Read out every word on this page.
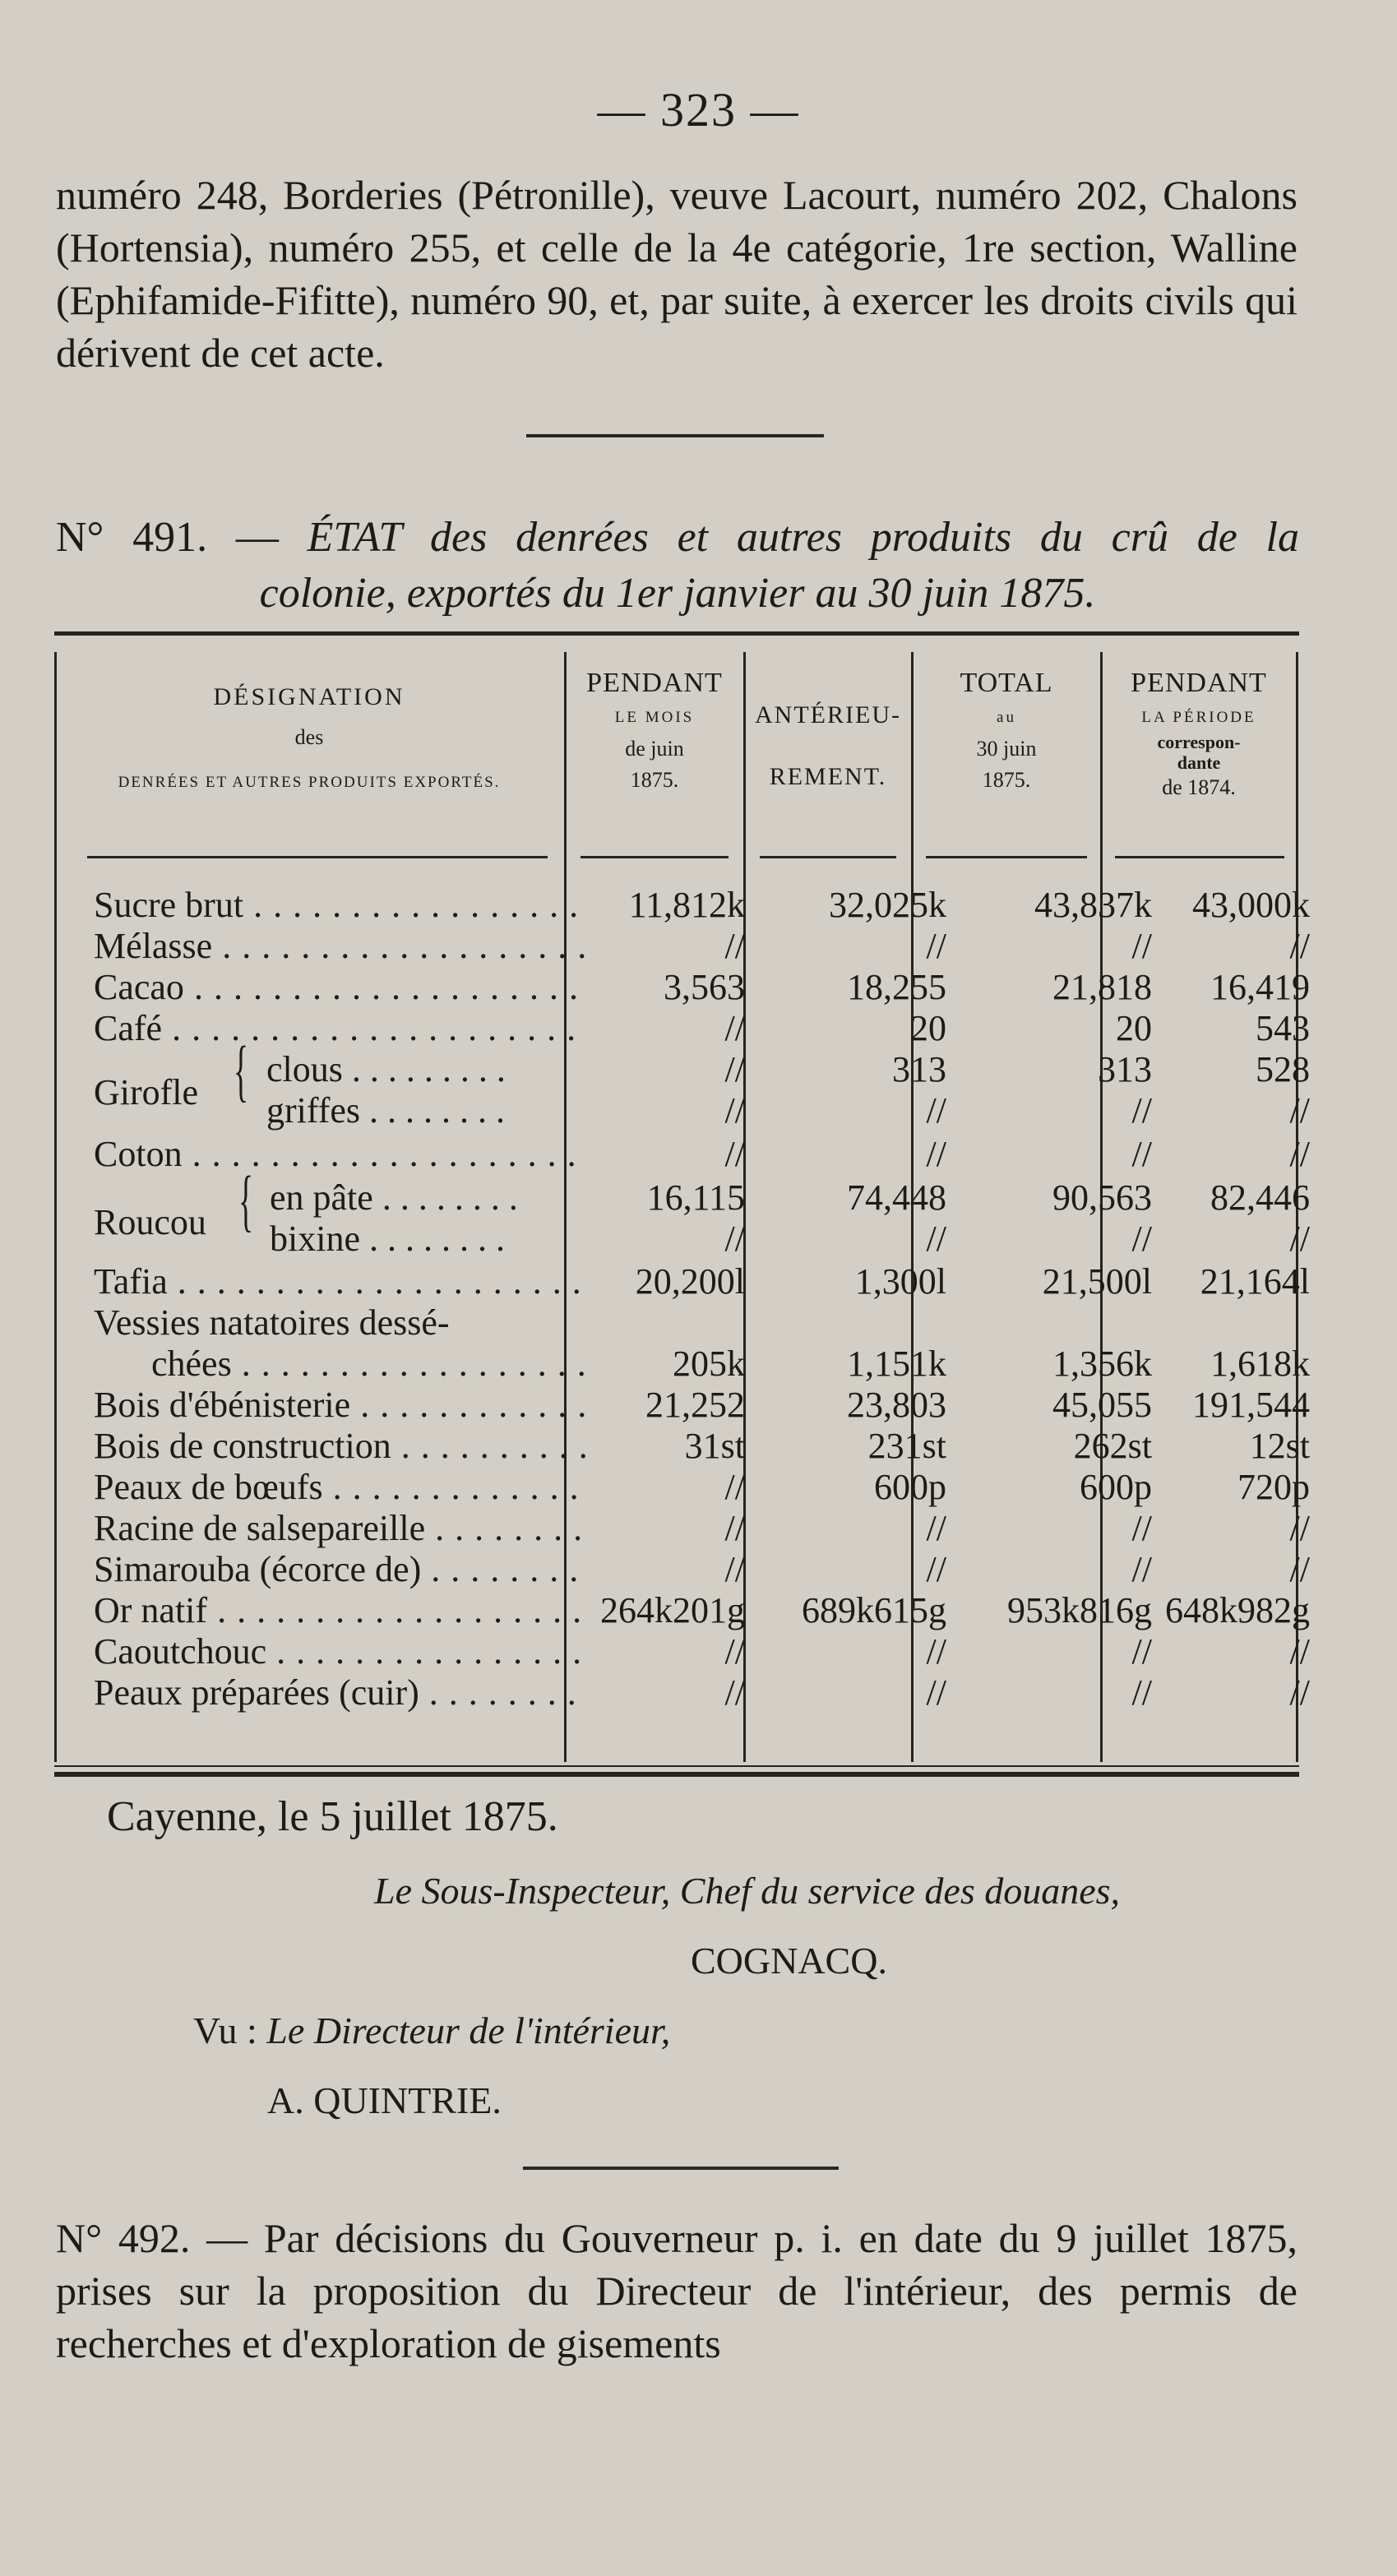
— 323 —
numéro 248, Borderies (Pétronille), veuve Lacourt, numéro 202, Chalons (Hortensia), numéro 255, et celle de la 4e catégorie, 1re section, Walline (Ephifamide-Fifitte), numéro 90, et, par suite, à exercer les droits civils qui dérivent de cet acte.
N° 491. — ÉTAT des denrées et autres produits du crû de la
colonie, exportés du 1er janvier au 30 juin 1875.
DÉSIGNATION
des
DENRÉES ET AUTRES PRODUITS EXPORTÉS.
PENDANT
LE MOIS
de juin
1875.
ANTÉRIEU-
REMENT.
TOTAL
au
30 juin
1875.
PENDANT
LA PÉRIODE
correspon-
dante
de 1874.
Sucre brut . . .	11,812k	32,025k	43,837k	43,000k
Mélasse . . .	//	//	//	//
Cacao . . .	3,563	18,255	21,818	16,419
Café . . .	//	20	20	543
Girofle { clous . . .	//	313	313	528
griffes . . .	//	//	//	//
Coton . . .	//	//	//	//
Roucou { en pâte . . .	16,115	74,448	90,563	82,446
bixine . . .	//	//	//	//
Tafia . . .	20,200l	1,300l	21,500l	21,164l
Vessies natatoires dessé-
chées . . .	205k	1,151k	1,356k	1,618k
Bois d'ébénisterie . . .	21,252	23,803	45,055	191,544
Bois de construction . . .	31st	231st	262st	12st
Peaux de bœufs . . .	//	600p	600p	720p
Racine de salsepareille . . .	//	//	//	//
Simarouba (écorce de) . . .	//	//	//	//
Or natif . . .	264k201g	689k615g	953k816g 648k982g
Caoutchouc . . .	//	//	//	//
Peaux préparées (cuir) . . .	//	//	//	//
Cayenne, le 5 juillet 1875.
Le Sous-Inspecteur, Chef du service des douanes,
COGNACQ.
Vu : Le Directeur de l'intérieur,
A. QUINTRIE.
N° 492. — Par décisions du Gouverneur p. i. en date du 9 juillet 1875, prises sur la proposition du Directeur de l'intérieur, des permis de recherches et d'exploration de gisements
